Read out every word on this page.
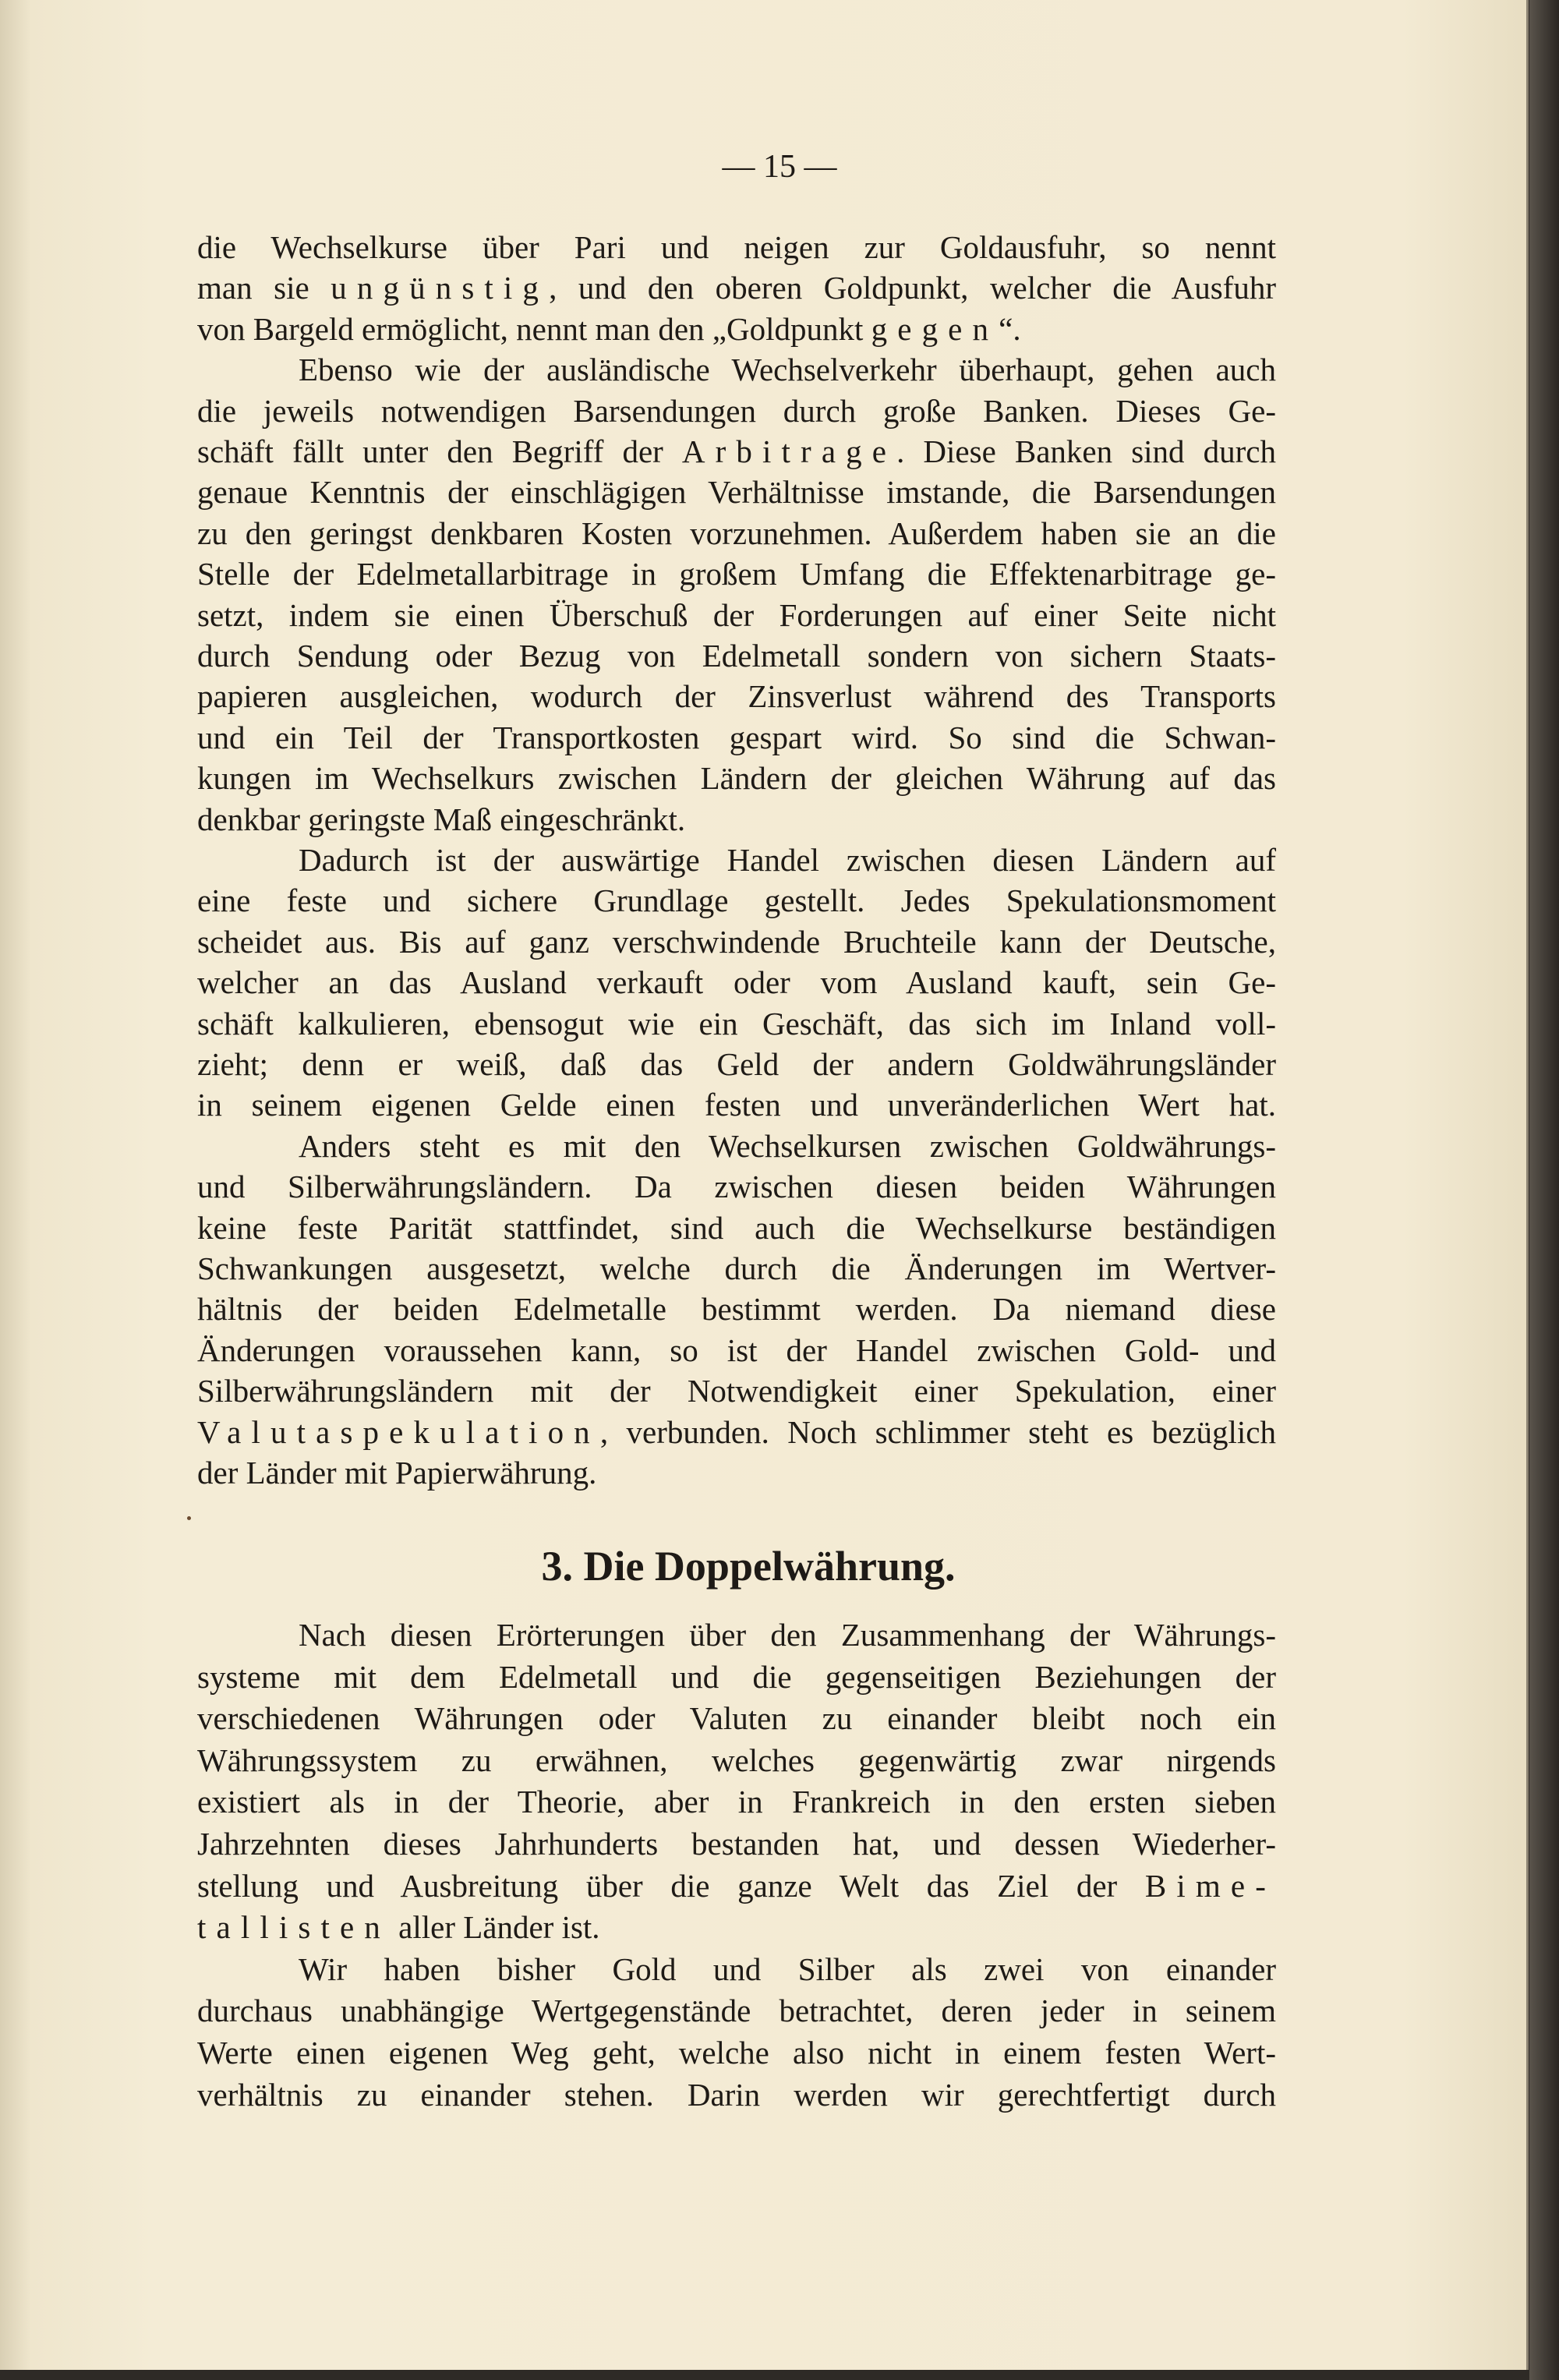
— 15 —
die Wechselkurse über Pari und neigen zur Goldausfuhr, so nennt
man sie ungünstig, und den oberen Goldpunkt, welcher die Ausfuhr
von Bargeld ermöglicht, nennt man den „Goldpunkt gegen“.
Ebenso wie der ausländische Wechselverkehr überhaupt, gehen auch
die jeweils notwendigen Barsendungen durch große Banken. Dieses Ge-
schäft fällt unter den Begriff der Arbitrage. Diese Banken sind durch
genaue Kenntnis der einschlägigen Verhältnisse imstande, die Barsendungen
zu den geringst denkbaren Kosten vorzunehmen. Außerdem haben sie an die
Stelle der Edelmetallarbitrage in großem Umfang die Effektenarbitrage ge-
setzt, indem sie einen Überschuß der Forderungen auf einer Seite nicht
durch Sendung oder Bezug von Edelmetall sondern von sichern Staats-
papieren ausgleichen, wodurch der Zinsverlust während des Transports
und ein Teil der Transportkosten gespart wird. So sind die Schwan-
kungen im Wechselkurs zwischen Ländern der gleichen Währung auf das
denkbar geringste Maß eingeschränkt.
Dadurch ist der auswärtige Handel zwischen diesen Ländern auf
eine feste und sichere Grundlage gestellt. Jedes Spekulationsmoment
scheidet aus. Bis auf ganz verschwindende Bruchteile kann der Deutsche,
welcher an das Ausland verkauft oder vom Ausland kauft, sein Ge-
schäft kalkulieren, ebensogut wie ein Geschäft, das sich im Inland voll-
zieht; denn er weiß, daß das Geld der andern Goldwährungsländer
in seinem eigenen Gelde einen festen und unveränderlichen Wert hat.
Anders steht es mit den Wechselkursen zwischen Goldwährungs-
und Silberwährungsländern. Da zwischen diesen beiden Währungen
keine feste Parität stattfindet, sind auch die Wechselkurse beständigen
Schwankungen ausgesetzt, welche durch die Änderungen im Wertver-
hältnis der beiden Edelmetalle bestimmt werden. Da niemand diese
Änderungen voraussehen kann, so ist der Handel zwischen Gold- und
Silberwährungsländern mit der Notwendigkeit einer Spekulation, einer
Valutaspekulation, verbunden. Noch schlimmer steht es bezüglich
der Länder mit Papierwährung.
3. Die Doppelwährung.
Nach diesen Erörterungen über den Zusammenhang der Währungs-
systeme mit dem Edelmetall und die gegenseitigen Beziehungen der
verschiedenen Währungen oder Valuten zu einander bleibt noch ein
Währungssystem zu erwähnen, welches gegenwärtig zwar nirgends
existiert als in der Theorie, aber in Frankreich in den ersten sieben
Jahrzehnten dieses Jahrhunderts bestanden hat, und dessen Wiederher-
stellung und Ausbreitung über die ganze Welt das Ziel der Bime-
tallisten aller Länder ist.
Wir haben bisher Gold und Silber als zwei von einander
durchaus unabhängige Wertgegenstände betrachtet, deren jeder in seinem
Werte einen eigenen Weg geht, welche also nicht in einem festen Wert-
verhältnis zu einander stehen. Darin werden wir gerechtfertigt durch
